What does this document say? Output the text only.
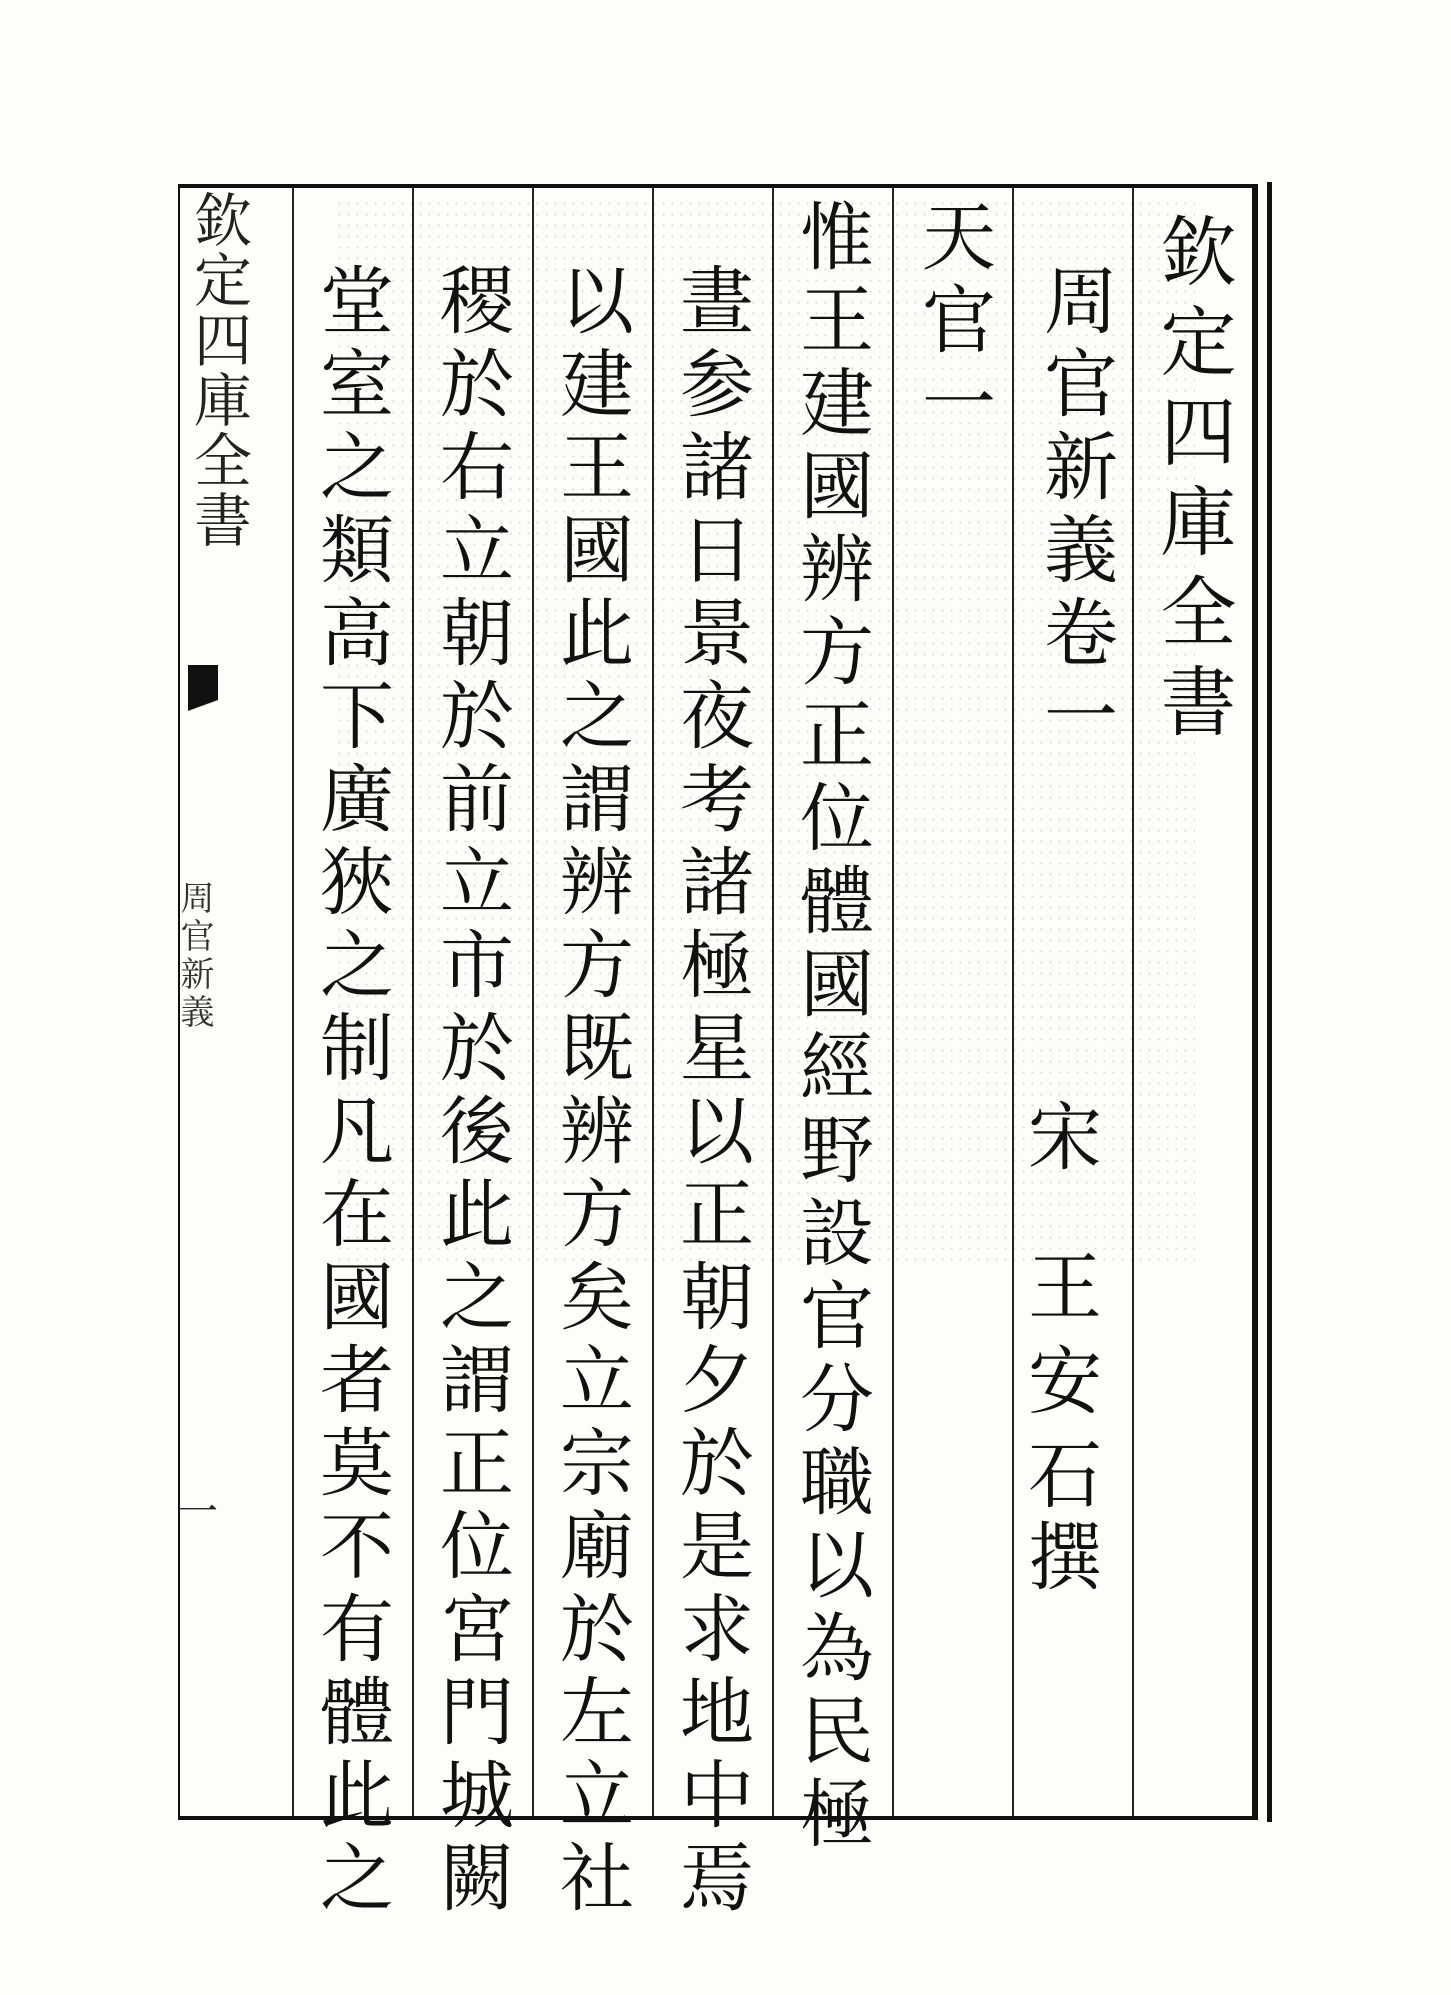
欽定四庫全書
周官新義卷一
宋
王安石
撰
天官一
惟王建國辨方正位體國經野設官分職以為民極
晝参諸日景夜考諸極星以正朝夕於是求地中焉
以建王國此之謂辨方既辨方矣立宗廟於左立社
稷於右立朝於前立市於後此之謂正位宮門城闕
堂室之類高下廣狹之制凡在國者莫不有體此之
欽定四庫全書
周官新義
一
